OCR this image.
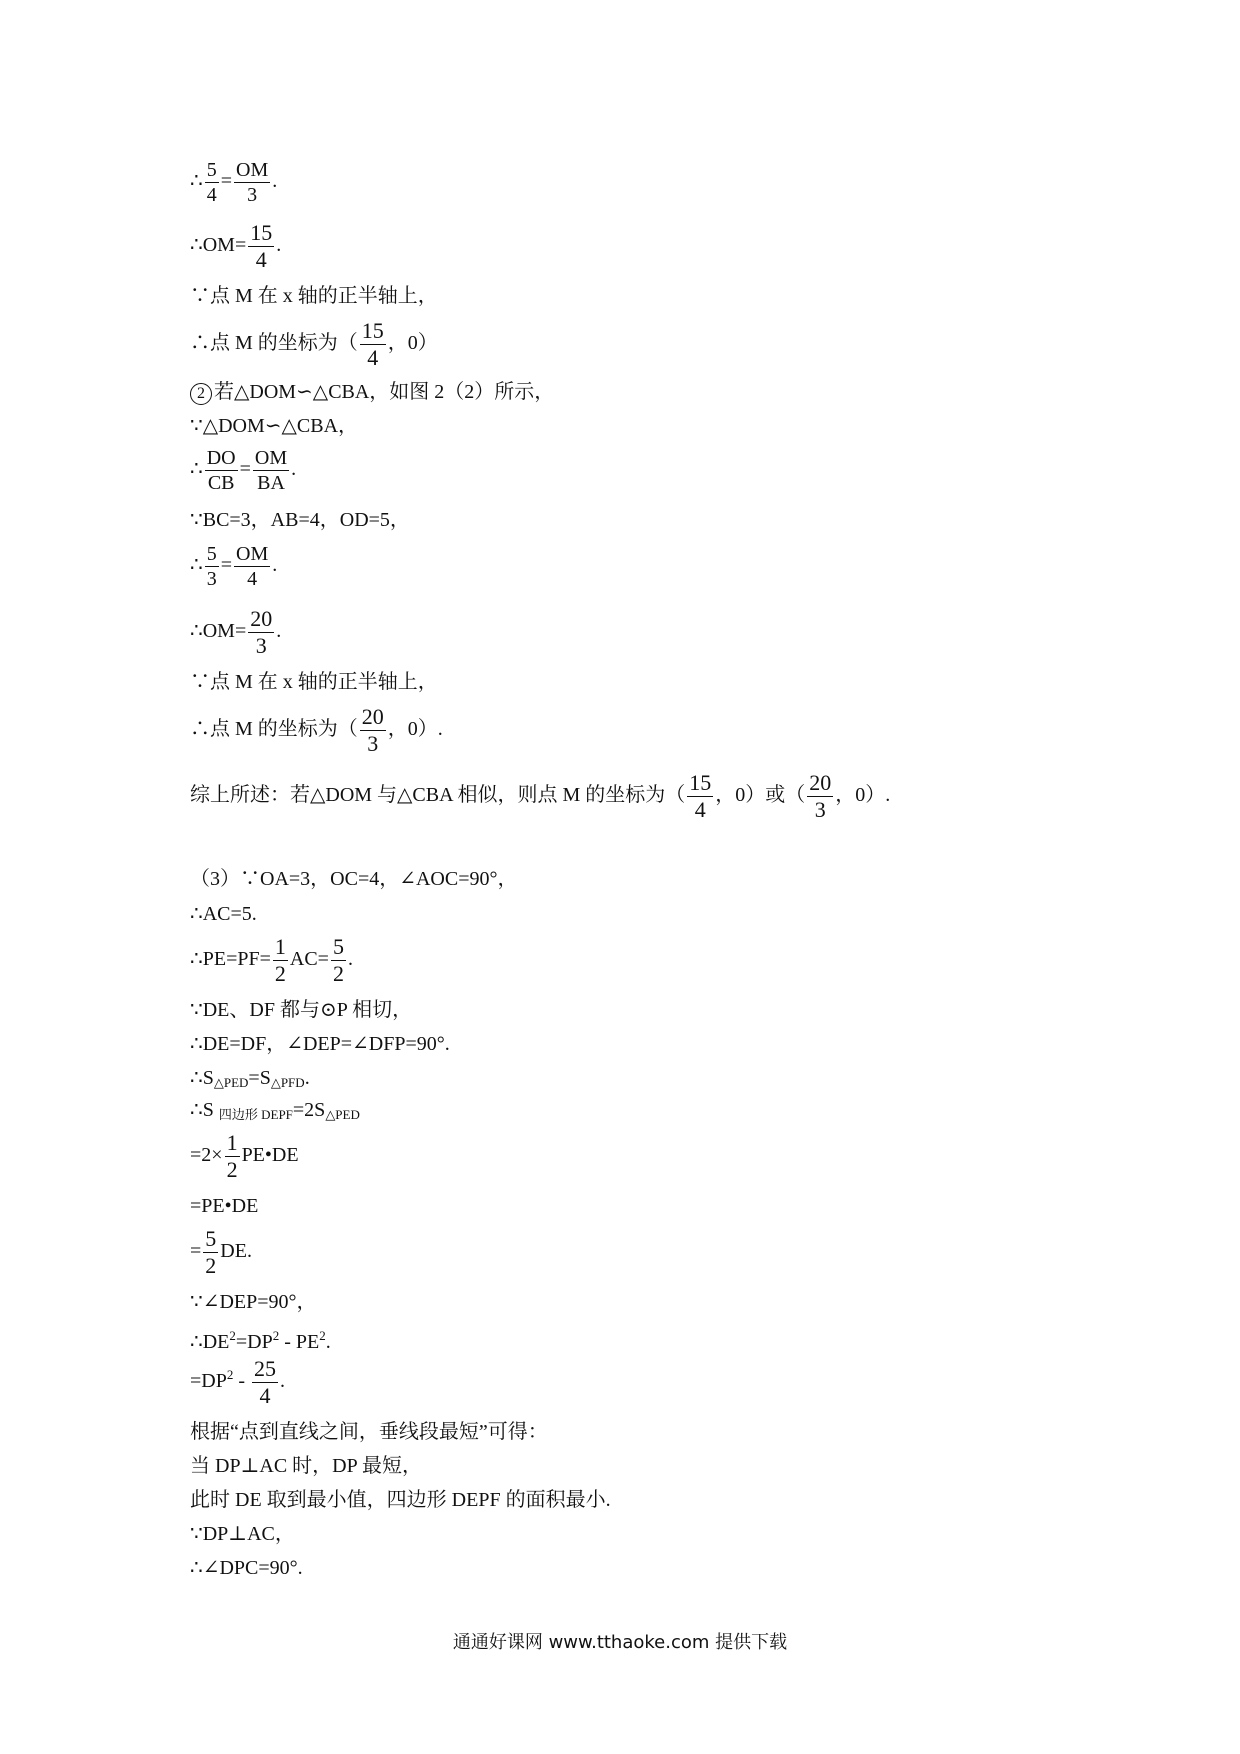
∴ $\frac{5}{4} = \frac{OM}{3}$ .
∴OM= $\frac{15}{4}$ .
∵点 M 在 x 轴的正半轴上，
∴点 M 的坐标为（ $\frac{15}{4}$ ，0）
2 若△DOM∽△CBA，如图 2（2）所示，
∵△DOM∽△CBA，
∴ $\frac{DO}{CB} = \frac{OM}{BA}$ .
∵BC=3，AB=4，OD=5，
∴ $\frac{5}{3} = \frac{OM}{4}$ .
∴OM= $\frac{20}{3}$ .
∵点 M 在 x 轴的正半轴上，
∴点 M 的坐标为（ $\frac{20}{3}$ ，0）.
综上所述：若△DOM 与△CBA 相似，则点 M 的坐标为（ $\frac{15}{4}$ ，0）或（ $\frac{20}{3}$ ，0）.
（3）∵OA=3，OC=4，∠AOC=90°，
∴AC=5.
∴PE=PF= $\frac{1}{2} AC= \frac{5}{2}$ .
∵DE、DF 都与⊙P 相切，
∴DE=DF，∠DEP=∠DFP=90°.
$\therefore S_{\triangle PED}=S_{\triangle PFD}$.
∴S $_{四边形 DEPF}=2S_{\triangle PED}$
$=2\times \frac{1}{2}$ PE•DE
=PE•DE
= $\frac{5}{2}$ DE.
∵∠DEP=90°，
$\therefore DE^2=DP^2 - PE^2$.
$=DP^2 - \frac{25}{4}$ .
根据“点到直线之间，垂线段最短”可得：
当 DP⊥AC 时，DP 最短，
此时 DE 取到最小值，四边形 DEPF 的面积最小.
∵DP⊥AC，
∴∠DPC=90°.
通通好课网 www.tthaoke.com 提供下载
